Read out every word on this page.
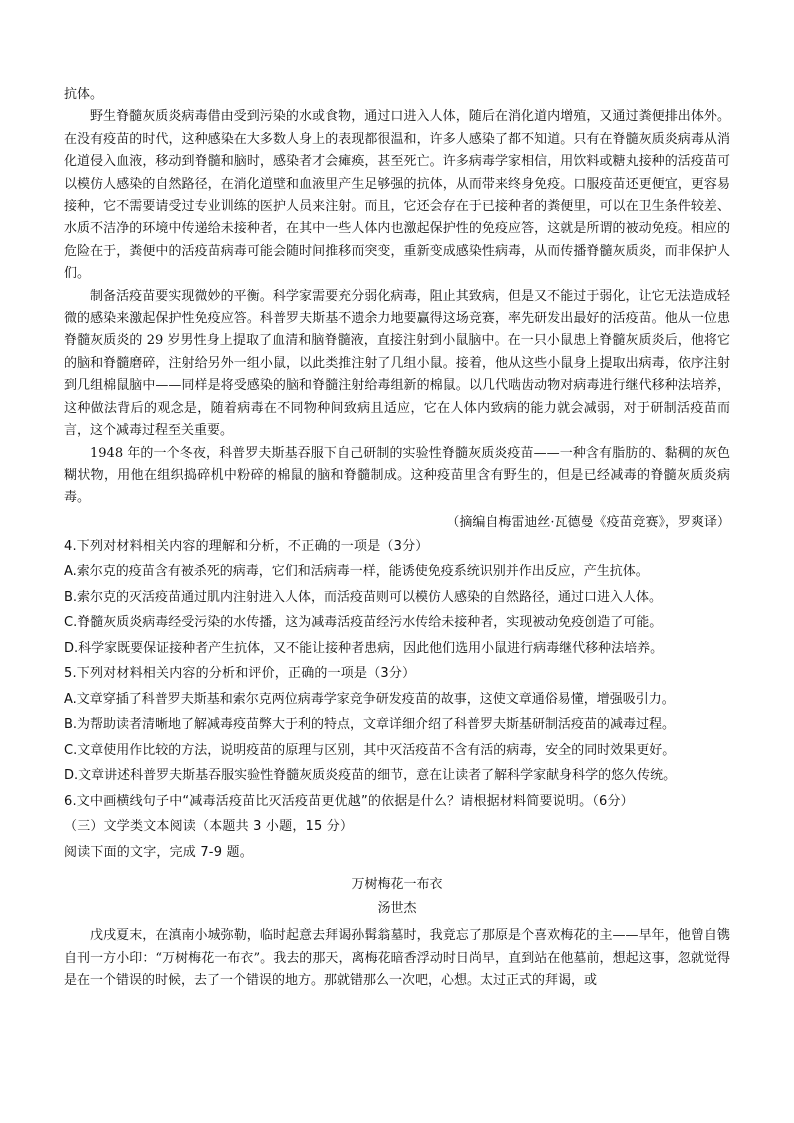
抗体。

野生脊髓灰质炎病毒借由受到污染的水或食物，通过口进入人体，随后在消化道内增殖，又通过粪便排出体外。在没有疫苗的时代，这种感染在大多数人身上的表现都很温和，许多人感染了都不知道。只有在脊髓灰质炎病毒从消化道侵入血液，移动到脊髓和脑时，感染者才会瘫痪，甚至死亡。许多病毒学家相信，用饮料或糖丸接种的活疫苗可以模仿人感染的自然路径，在消化道壁和血液里产生足够强的抗体，从而带来终身免疫。口服疫苗还更便宜，更容易接种，它不需要请受过专业训练的医护人员来注射。而且，它还会存在于已接种者的粪便里，可以在卫生条件较差、水质不洁净的环境中传递给未接种者，在其中一些人体内也激起保护性的免疫应答，这就是所谓的被动免疫。相应的危险在于，粪便中的活疫苗病毒可能会随时间推移而突变，重新变成感染性病毒，从而传播脊髓灰质炎，而非保护人们。

制备活疫苗要实现微妙的平衡。科学家需要充分弱化病毒，阻止其致病，但是又不能过于弱化，让它无法造成轻微的感染来激起保护性免疫应答。科普罗夫斯基不遗余力地要赢得这场竞赛，率先研发出最好的活疫苗。他从一位患脊髓灰质炎的 29 岁男性身上提取了血清和脑脊髓液，直接注射到小鼠脑中。在一只小鼠患上脊髓灰质炎后，他将它的脑和脊髓磨碎，注射给另外一组小鼠，以此类推注射了几组小鼠。接着，他从这些小鼠身上提取出病毒，依序注射到几组棉鼠脑中——同样是将受感染的脑和脊髓注射给毒组新的棉鼠。以几代啮齿动物对病毒进行继代移种法培养，这种做法背后的观念是，随着病毒在不同物种间致病且适应，它在人体内致病的能力就会减弱，对于研制活疫苗而言，这个减毒过程至关重要。

1948 年的一个冬夜，科普罗夫斯基吞服下自己研制的实验性脊髓灰质炎疫苗——一种含有脂肪的、黏稠的灰色糊状物，用他在组织捣碎机中粉碎的棉鼠的脑和脊髓制成。这种疫苗里含有野生的，但是已经减毒的脊髓灰质炎病毒。

（摘编自梅雷迪丝·瓦德曼《疫苗竞赛》，罗爽译）

4.下列对材料相关内容的理解和分析，不正确的一项是（3分）

A.索尔克的疫苗含有被杀死的病毒，它们和活病毒一样，能诱使免疫系统识别并作出反应，产生抗体。

B.索尔克的灭活疫苗通过肌内注射进入人体，而活疫苗则可以模仿人感染的自然路径，通过口进入人体。

C.脊髓灰质炎病毒经受污染的水传播，这为减毒活疫苗经污水传给未接种者，实现被动免疫创造了可能。

D.科学家既要保证接种者产生抗体，又不能让接种者患病，因此他们选用小鼠进行病毒继代移种法培养。

5.下列对材料相关内容的分析和评价，正确的一项是（3分）

A.文章穿插了科普罗夫斯基和索尔克两位病毒学家竞争研发疫苗的故事，这使文章通俗易懂，增强吸引力。

B.为帮助读者清晰地了解减毒疫苗弊大于利的特点，文章详细介绍了科普罗夫斯基研制活疫苗的减毒过程。

C.文章使用作比较的方法，说明疫苗的原理与区别，其中灭活疫苗不含有活的病毒，安全的同时效果更好。

D.文章讲述科普罗夫斯基吞服实验性脊髓灰质炎疫苗的细节，意在让读者了解科学家献身科学的悠久传统。

6.文中画横线句子中“减毒活疫苗比灭活疫苗更优越”的依据是什么？请根据材料简要说明。（6分）

（三）文学类文本阅读（本题共 3 小题，15 分）

阅读下面的文字，完成 7-9 题。

万树梅花一布衣

汤世杰

戊戌夏末，在滇南小城弥勒，临时起意去拜谒孙髯翁墓时，我竟忘了那原是个喜欢梅花的主——早年，他曾自镌自刊一方小印：“万树梅花一布衣”。我去的那天，离梅花暗香浮动时日尚早，直到站在他墓前，想起这事，忽就觉得是在一个错误的时候，去了一个错误的地方。那就错那么一次吧，心想。太过正式的拜谒，或
